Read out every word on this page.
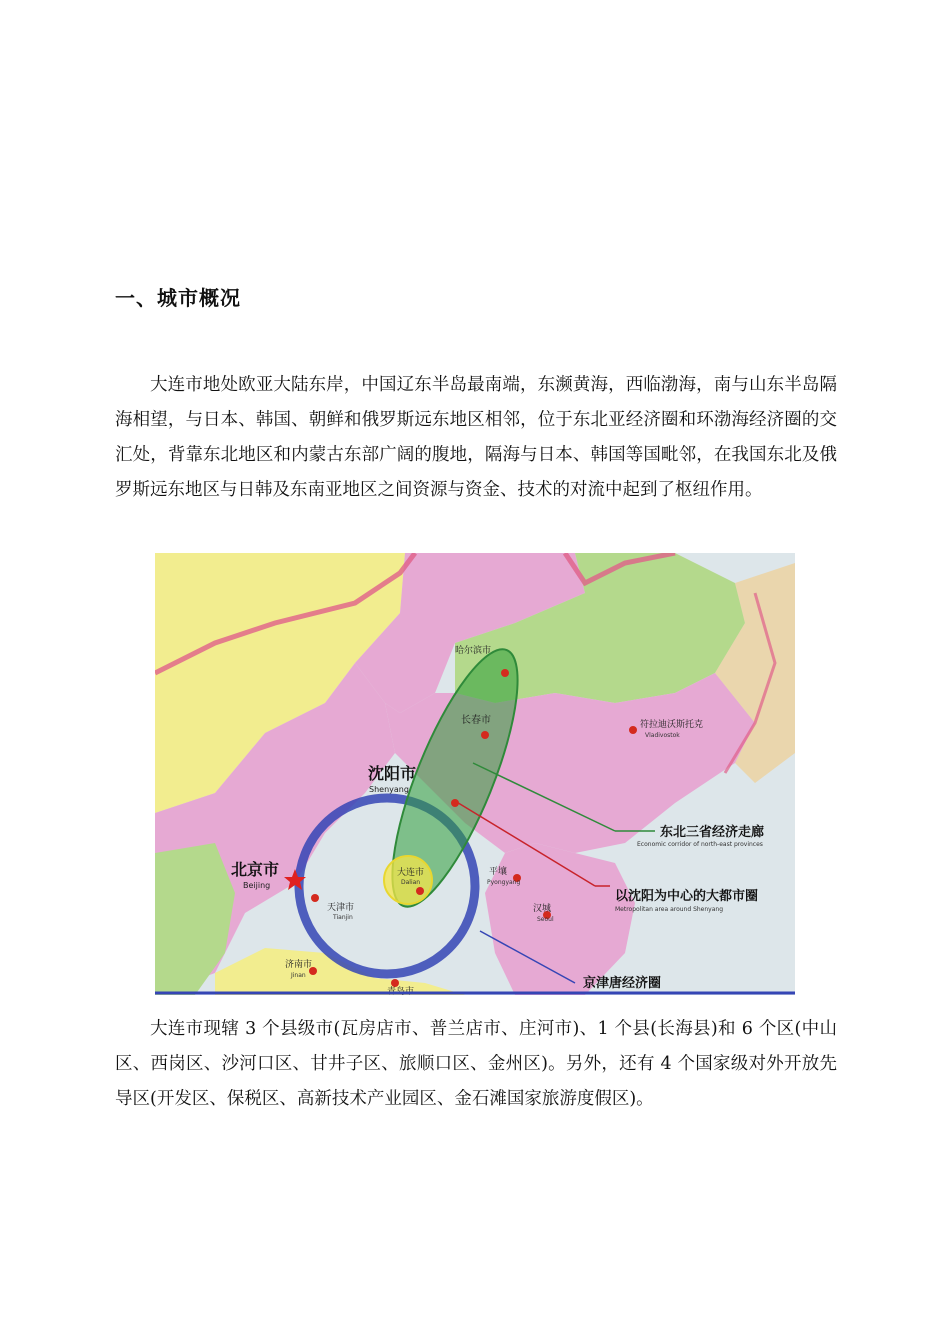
一、城市概况

大连市地处欧亚大陆东岸，中国辽东半岛最南端，东濒黄海，西临渤海，南与山东半岛隔海相望，与日本、韩国、朝鲜和俄罗斯远东地区相邻，位于东北亚经济圈和环渤海经济圈的交汇处，背靠东北地区和内蒙古东部广阔的腹地，隔海与日本、韩国等国毗邻，在我国东北及俄罗斯远东地区与日韩及东南亚地区之间资源与资金、技术的对流中起到了枢纽作用。

哈尔滨市
长春市	符拉迪沃斯托克
Vladivostok
沈阳市
Shenyang
北京市
Beijing
天津市
Tianjin
大连市
Dalian
平壤
Pyongyang
汉城
Seoul
济南市
Jinan
青岛市
东北三省经济走廊
Economic corridor of north-east provinces
以沈阳为中心的大都市圈
Metropolitan area around Shenyang
京津唐经济圈

大连市现辖 3 个县级市(瓦房店市、普兰店市、庄河市)、1 个县(长海县)和 6 个区(中山区、西岗区、沙河口区、甘井子区、旅顺口区、金州区)。另外，还有 4 个国家级对外开放先导区(开发区、保税区、高新技术产业园区、金石滩国家旅游度假区)。
